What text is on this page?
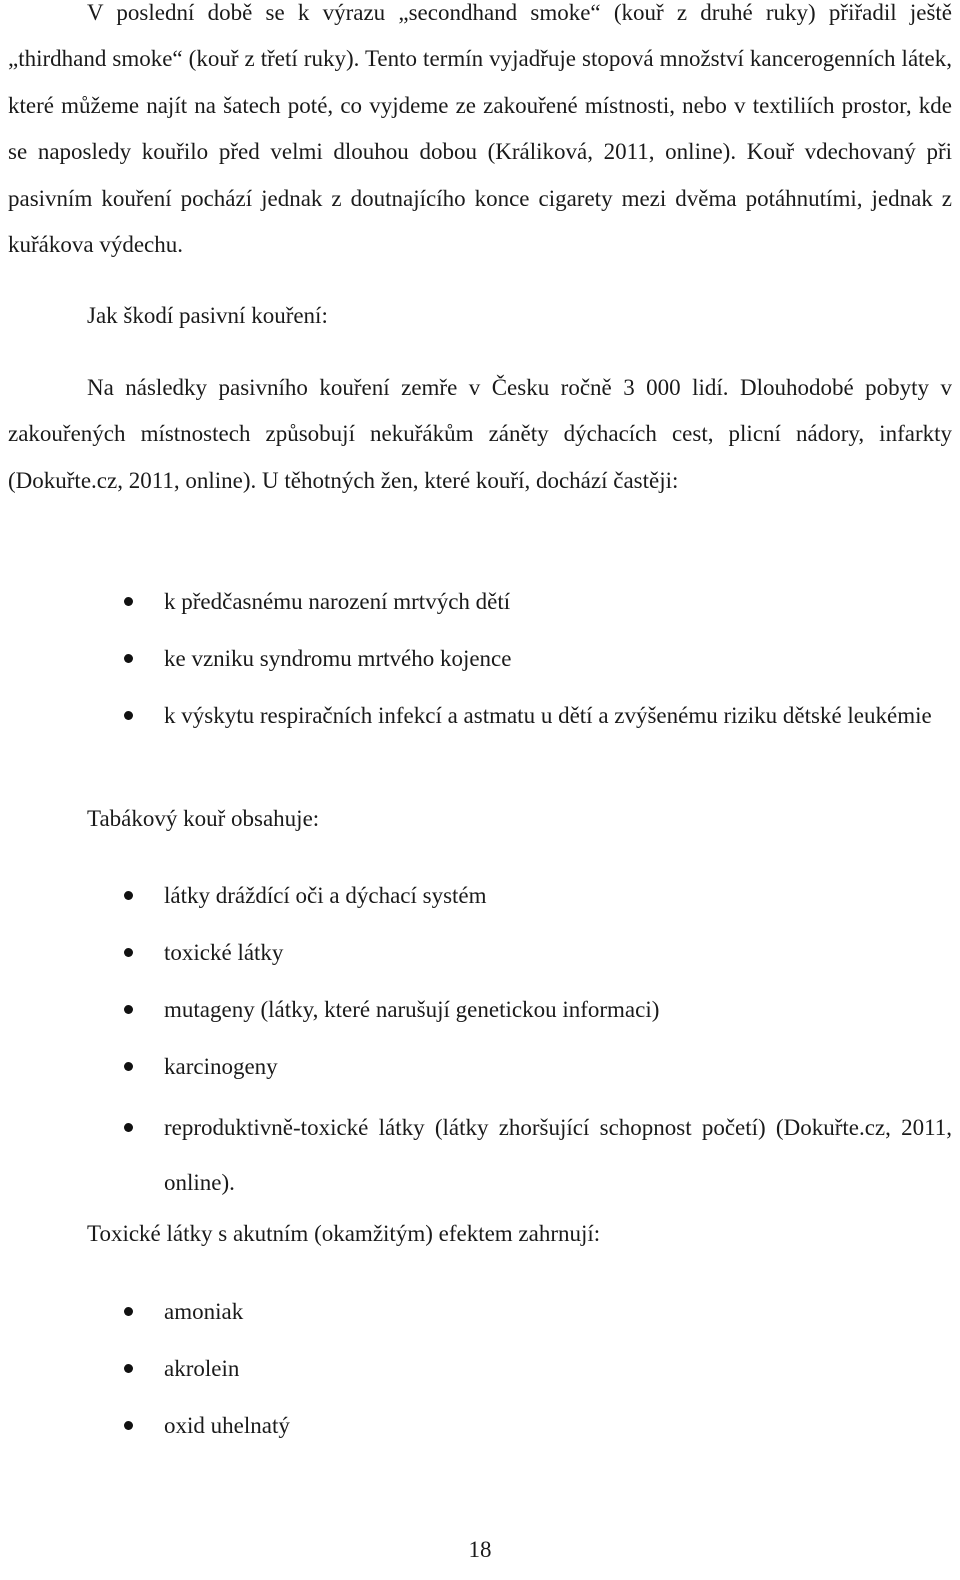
V poslední době se k výrazu „secondhand smoke“ (kouř z druhé ruky) přiřadil ještě „thirdhand smoke“ (kouř z třetí ruky). Tento termín vyjadřuje stopová množství kancerogenních látek, které můžeme najít na šatech poté, co vyjdeme ze zakouřené místnosti, nebo v textiliích prostor, kde se naposledy kouřilo před velmi dlouhou dobou (Králiková, 2011, online). Kouř vdechovaný při pasivním kouření pochází jednak z doutnajícího konce cigarety mezi dvěma potáhnutími, jednak z kuřákova výdechu.

Jak škodí pasivní kouření:

Na následky pasivního kouření zemře v Česku ročně 3 000 lidí. Dlouhodobé pobyty v zakouřených místnostech způsobují nekuřákům záněty dýchacích cest, plicní nádory, infarkty (Dokuřte.cz, 2011, online). U těhotných žen, které kouří, dochází častěji:

k předčasnému narození mrtvých dětí
ke vzniku syndromu mrtvého kojence
k výskytu respiračních infekcí a astmatu u dětí a zvýšenému riziku dětské leukémie

Tabákový kouř obsahuje:

látky dráždící oči a dýchací systém
toxické látky
mutageny (látky, které narušují genetickou informaci)
karcinogeny
reproduktivně-toxické látky (látky zhoršující schopnost početí) (Dokuřte.cz, 2011, online).

Toxické látky s akutním (okamžitým) efektem zahrnují:

amoniak
akrolein
oxid uhelnatý
18
